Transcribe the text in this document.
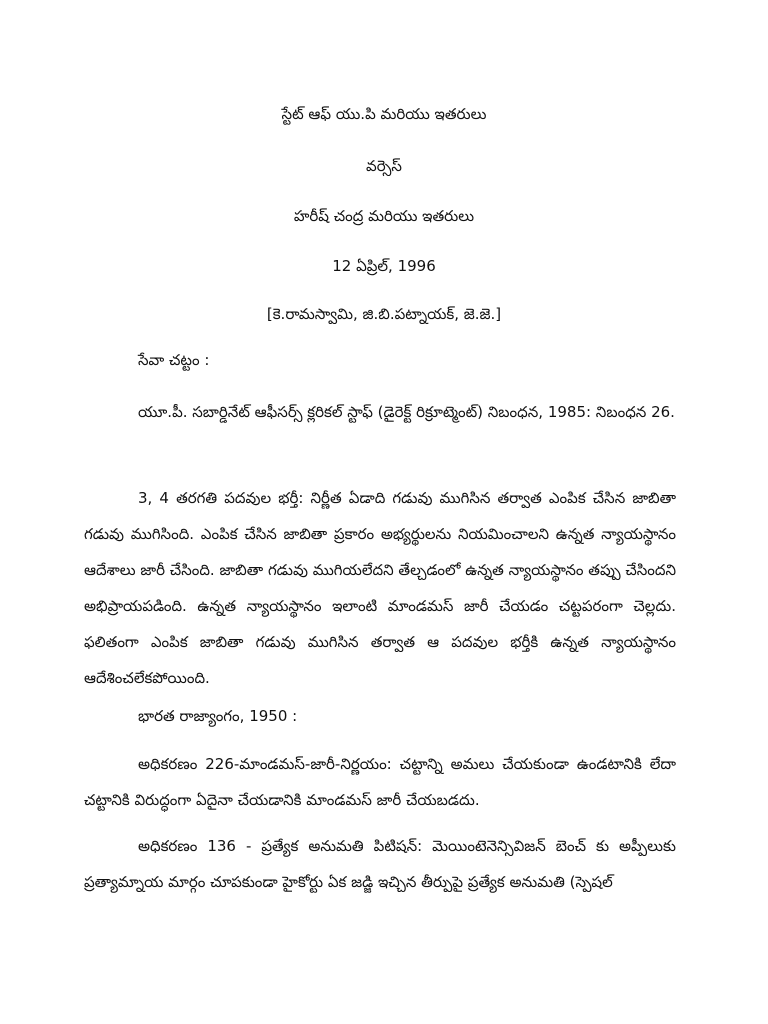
స్టేట్ ఆఫ్ యు.పి మరియు ఇతరులు
వర్సెస్
హరీష్ చంద్ర మరియు ఇతరులు
12 ఏప్రిల్, 1996
[కె.రామస్వామి, జి.బి.పట్నాయక్, జె.జె.]
సేవా చట్టం :

యూ.పీ. సబార్డినేట్ ఆఫీసర్స్ క్లరికల్ స్టాఫ్ (డైరెక్ట్ రిక్రూట్మెంట్) నిబంధన, 1985: నిబంధన 26.

3, 4 తరగతి పదవుల భర్తీ: నిర్ణీత ఏడాది గడువు ముగిసిన తర్వాత ఎంపిక చేసిన జాబితా గడువు ముగిసింది. ఎంపిక చేసిన జాబితా ప్రకారం అభ్యర్థులను నియమించాలని ఉన్నత న్యాయస్థానం ఆదేశాలు జారీ చేసింది. జాబితా గడువు ముగియలేదని తేల్చడంలో ఉన్నత న్యాయస్థానం తప్పు చేసిందని అభిప్రాయపడింది. ఉన్నత న్యాయస్థానం ఇలాంటి మాండమస్ జారీ చేయడం చట్టపరంగా చెల్లదు. ఫలితంగా ఎంపిక జాబితా గడువు ముగిసిన తర్వాత ఆ పదవుల భర్తీకి ఉన్నత న్యాయస్థానం ఆదేశించలేకపోయింది.

భారత రాజ్యాంగం, 1950 :

అధికరణం 226-మాండమస్-జారీ-నిర్ణయం: చట్టాన్ని అమలు చేయకుండా ఉండటానికి లేదా చట్టానికి విరుద్ధంగా ఏదైనా చేయడానికి మాండమస్ జారీ చేయబడదు.

అధికరణం 136 - ప్రత్యేక అనుమతి పిటిషన్: మెయింటెనెన్సివిజన్ బెంచ్ కు అప్పీలుకు ప్రత్యామ్నాయ మార్గం చూపకుండా హైకోర్టు ఏక జడ్జి ఇచ్చిన తీర్పుపై ప్రత్యేక అనుమతి (స్పెషల్
